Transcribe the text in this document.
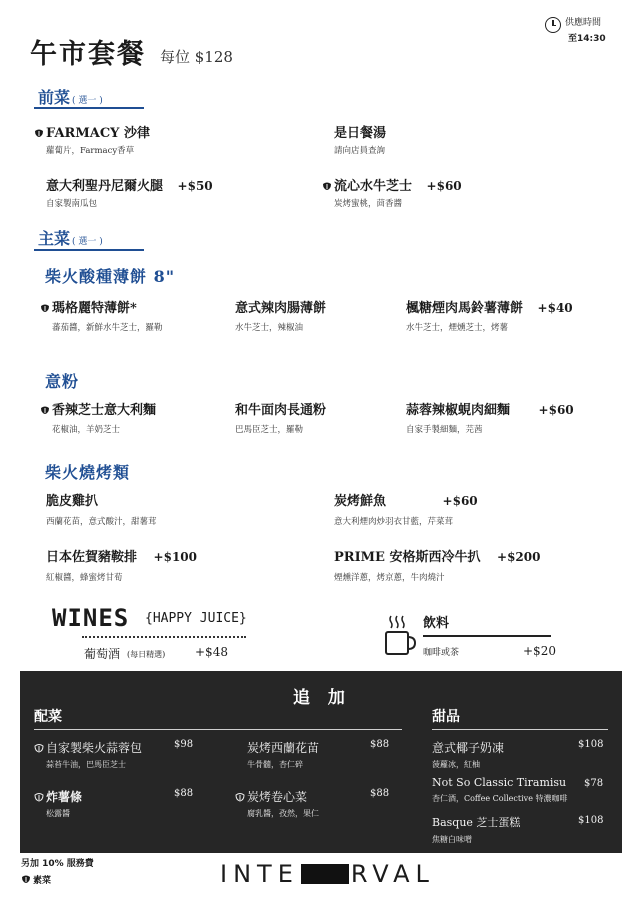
午市套餐 每位 $128
供應時間
至14:30
前菜 ( 選一 )
FARMACY 沙律
蘿蔔片，Farmacy香草
是日餐湯
請向店員查詢
意大利聖丹尼爾火腿 +$50
自家製南瓜包
流心水牛芝士 +$60
炭烤蜜桃，茴香醬
主菜 ( 選一 )
柴火酸種薄餅 8"
瑪格麗特薄餅*
蕃茄醬，新鮮水牛芝士，羅勒
意式辣肉腸薄餅
水牛芝士，辣椒油
楓糖煙肉馬鈴薯薄餅 +$40
水牛芝士，煙燻芝士，烤薯
意粉
香辣芝士意大利麵
花椒油，羊奶芝士
和牛面肉長通粉
巴馬臣芝士，羅勒
蒜蓉辣椒蜆肉細麵 +$60
自家手製細麵，芫茜
柴火燒烤類
脆皮雞扒
西蘭花苗，意式酸汁，甜薯茸
炭烤鮮魚	+$60
意大利煙肉炒羽衣甘藍，芹菜茸
日本佐賀豬鞍排 +$100
紅椒醬，蜂蜜烤甘荀
PRIME 安格斯西冷牛扒 +$200
煙燻洋蔥，烤京蔥，牛肉燒汁
WINES {HAPPY JUICE}
葡萄酒 (每日精選) +$48
飲料
咖啡或茶	+$20
追 加
配菜	甜品
自家製柴火蒜蓉包
蒜苔牛油，巴馬臣芝士
$98	炭烤西蘭花苗
牛骨髓，杏仁碎
$88
炸薯條
松露醬
$88	炭烤卷心菜
腐乳醬，孜然，果仁
$88
意式椰子奶凍
菠蘿冰，紅柚
$108
Not So Classic Tiramisu
杏仁酒，Coffee Collective 特濃咖啡
$78
Basque 芝士蛋糕
焦糖白味噌
$108
另加 10% 服務費
素菜	INTE RVAL
